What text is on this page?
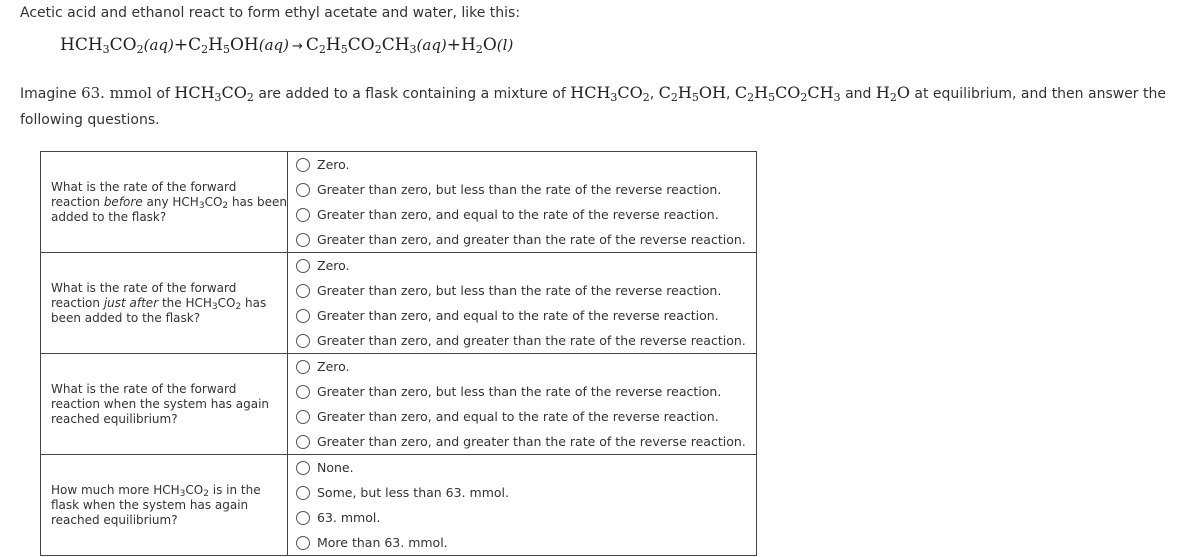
Acetic acid and ethanol react to form ethyl acetate and water, like this:
$HCH_3CO_2(aq)+C_2H_5OH(aq) \to C_2H_5CO_2CH_3(aq)+H_2O(l)$
Imagine 63. mmol of $HCH_3CO_2$ are added to a flask containing a mixture of $HCH_3CO_2$, $C_2H_5OH$, $C_2H_5CO_2CH_3$ and $H_2O$ at equilibrium, and then answer the following questions.
What is the rate of the forward reaction before any $HCH_3CO_2$ has been added to the flask?	Zero.
Greater than zero, but less than the rate of the reverse reaction.
Greater than zero, and equal to the rate of the reverse reaction.
Greater than zero, and greater than the rate of the reverse reaction.

What is the rate of the forward reaction just after the $HCH_3CO_2$ has been added to the flask?	Zero.
Greater than zero, but less than the rate of the reverse reaction.
Greater than zero, and equal to the rate of the reverse reaction.
Greater than zero, and greater than the rate of the reverse reaction.

What is the rate of the forward reaction when the system has again reached equilibrium?	Zero.
Greater than zero, but less than the rate of the reverse reaction.
Greater than zero, and equal to the rate of the reverse reaction.
Greater than zero, and greater than the rate of the reverse reaction.

How much more $HCH_3CO_2$ is in the flask when the system has again reached equilibrium?	None.
Some, but less than 63. mmol.
63. mmol.
More than 63. mmol.
